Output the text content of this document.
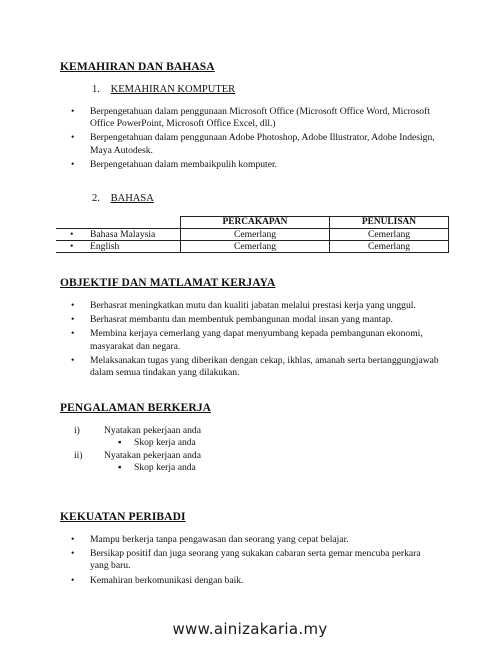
KEMAHIRAN DAN BAHASA
1. KEMAHIRAN KOMPUTER
• Berpengetahuan dalam penggunaan Microsoft Office (Microsoft Office Word, Microsoft Office PowerPoint, Microsoft Office Excel, dll.)
• Berpengetahuan dalam penggunaan Adobe Photoshop, Adobe Illustrator, Adobe Indesign, Maya Autodesk.
• Berpengetahuan dalam membaikpulih komputer.
2. BAHASA
	PERCAKAPAN	PENULISAN
• Bahasa Malaysia	Cemerlang	Cemerlang
• English	Cemerlang	Cemerlang
OBJEKTIF DAN MATLAMAT KERJAYA
• Berhasrat meningkatkan mutu dan kualiti jabatan melalui prestasi kerja yang unggul.
• Berhasrat membantu dan membentuk pembangunan modal insan yang mantap.
• Membina kerjaya cemerlang yang dapat menyumbang kepada pembangunan ekonomi, masyarakat dan negara.
• Melaksanakan tugas yang diberikan dengan cekap, ikhlas, amanah serta bertanggungjawab dalam semua tindakan yang dilakukan.
PENGALAMAN BERKERJA
i)	Nyatakan pekerjaan anda
▪ Skop kerja anda
ii) Nyatakan pekerjaan anda
▪ Skop kerja anda
KEKUATAN PERIBADI
• Mampu berkerja tanpa pengawasan dan seorang yang cepat belajar.
• Bersikap positif dan juga seorang yang sukakan cabaran serta gemar mencuba perkara yang baru.
• Kemahiran berkomunikasi dengan baik.
www.ainizakaria.my
